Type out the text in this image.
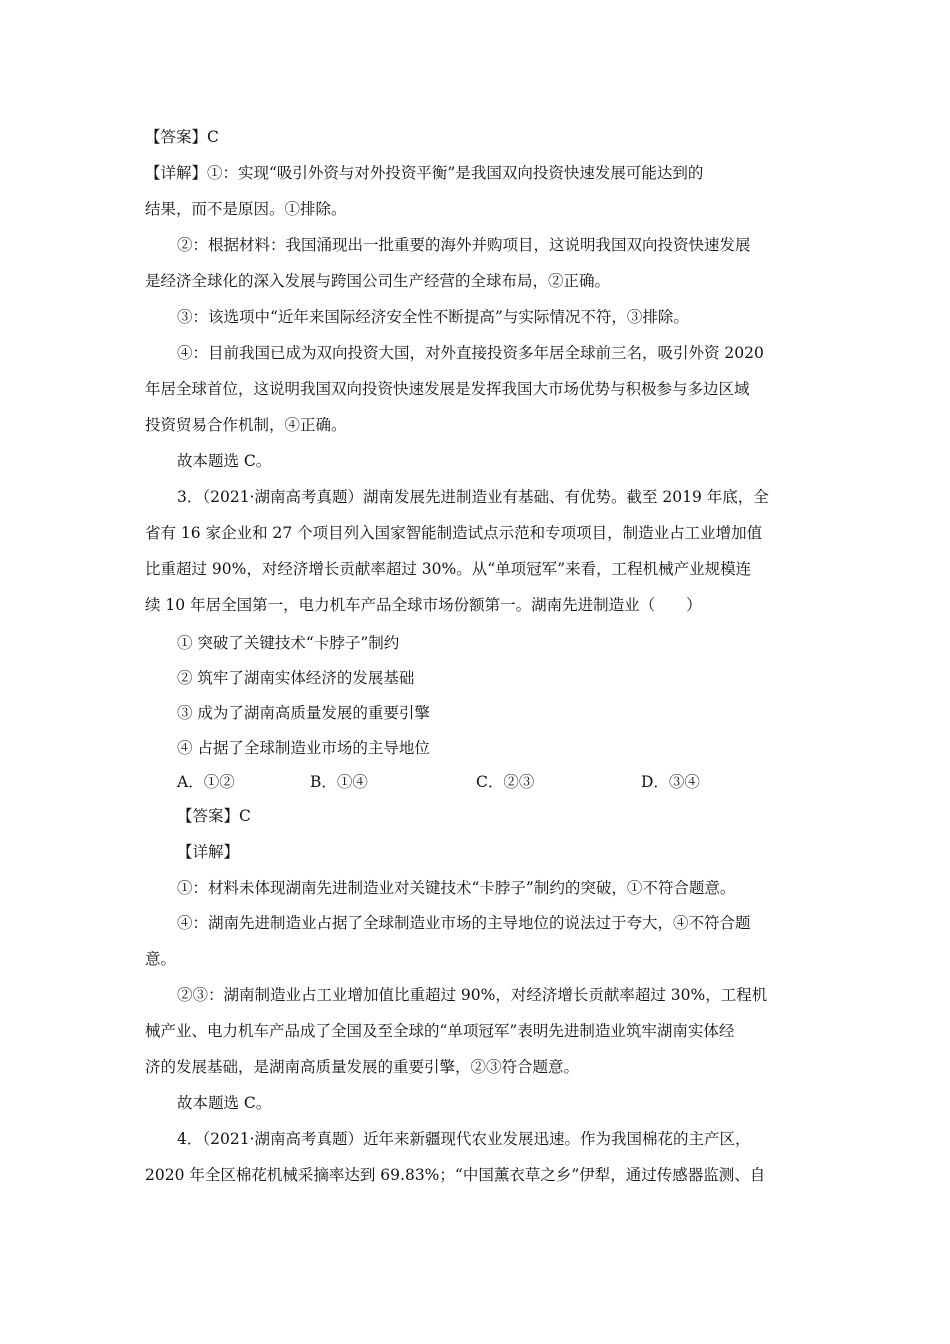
【答案】C
【详解】①：实现“吸引外资与对外投资平衡”是我国双向投资快速发展可能达到的
结果，而不是原因。①排除。
②：根据材料：我国涌现出一批重要的海外并购项目，这说明我国双向投资快速发展
是经济全球化的深入发展与跨国公司生产经营的全球布局，②正确。
③：该选项中“近年来国际经济安全性不断提高”与实际情况不符，③排除。
④：目前我国已成为双向投资大国，对外直接投资多年居全球前三名，吸引外资 2020
年居全球首位，这说明我国双向投资快速发展是发挥我国大市场优势与积极参与多边区域
投资贸易合作机制，④正确。
故本题选 C。
3．（2021·湖南高考真题）湖南发展先进制造业有基础、有优势。截至 2019 年底，全
省有 16 家企业和 27 个项目列入国家智能制造试点示范和专项项目，制造业占工业增加值
比重超过 90%，对经济增长贡献率超过 30%。从“单项冠军”来看，工程机械产业规模连
续 10 年居全国第一，电力机车产品全球市场份额第一。湖南先进制造业（　　）
① 突破了关键技术“卡脖子”制约
② 筑牢了湖南实体经济的发展基础
③ 成为了湖南高质量发展的重要引擎
④ 占据了全球制造业市场的主导地位
A．①②	B．①④	C．②③	D．③④
【答案】C
【详解】
①：材料未体现湖南先进制造业对关键技术“卡脖子”制约的突破，①不符合题意。
④：湖南先进制造业占据了全球制造业市场的主导地位的说法过于夸大，④不符合题
意。
②③：湖南制造业占工业增加值比重超过 90%，对经济增长贡献率超过 30%，工程机
械产业、电力机车产品成了全国及至全球的“单项冠军”表明先进制造业筑牢湖南实体经
济的发展基础，是湖南高质量发展的重要引擎，②③符合题意。
故本题选 C。
4．（2021·湖南高考真题）近年来新疆现代农业发展迅速。作为我国棉花的主产区，
2020 年全区棉花机械采摘率达到 69.83%；“中国薰衣草之乡”伊犁，通过传感器监测、自
